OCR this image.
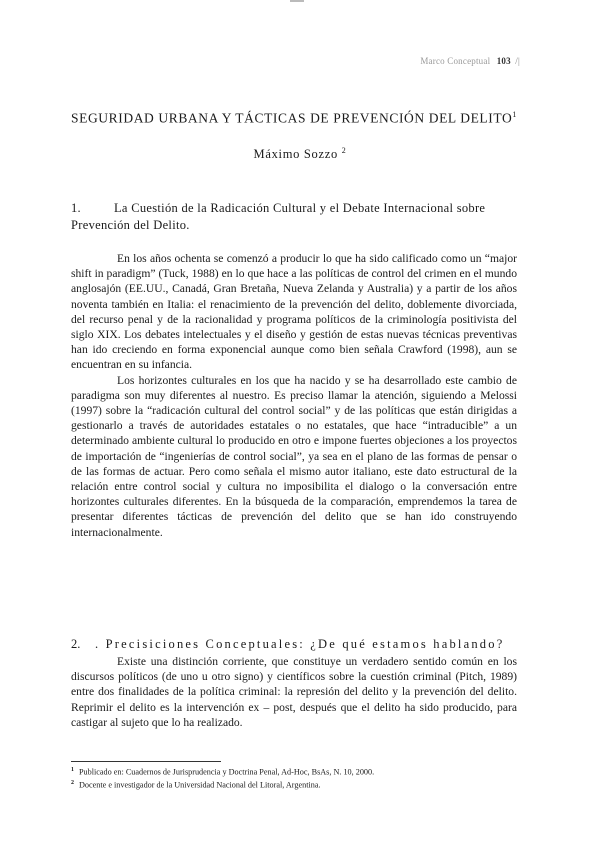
Marco Conceptual 103 /|
SEGURIDAD URBANA Y TÁCTICAS DE PREVENCIÓN DEL DELITO$^1$
Máximo Sozzo $^2$
1.	La Cuestión de la Radicación Cultural y el Debate Internacional sobre Prevención del Delito.

En los años ochenta se comenzó a producir lo que ha sido calificado como un “major shift in paradigm” (Tuck, 1988) en lo que hace a las políticas de control del crimen en el mundo anglosajón (EE.UU., Canadá, Gran Bretaña, Nueva Zelanda y Australia) y a partir de los años noventa también en Italia: el renacimiento de la prevención del delito, doblemente divorciada, del recurso penal y de la racionalidad y programa políticos de la criminología positivista del siglo XIX. Los debates intelectuales y el diseño y gestión de estas nuevas técnicas preventivas han ido creciendo en forma exponencial aunque como bien señala Crawford (1998), aun se encuentran en su infancia.

Los horizontes culturales en los que ha nacido y se ha desarrollado este cambio de paradigma son muy diferentes al nuestro. Es preciso llamar la atención, siguiendo a Melossi (1997) sobre la “radicación cultural del control social” y de las políticas que están dirigidas a gestionarlo a través de autoridades estatales o no estatales, que hace “intraducible” a un determinado ambiente cultural lo producido en otro e impone fuertes objeciones a los proyectos de importación de “ingenierías de control social”, ya sea en el plano de las formas de pensar o de las formas de actuar. Pero como señala el mismo autor italiano, este dato estructural de la relación entre control social y cultura no imposibilita el dialogo o la conversación entre horizontes culturales diferentes. En la búsqueda de la comparación, emprendemos la tarea de presentar diferentes tácticas de prevención del delito que se han ido construyendo internacionalmente.

2. . Precisiciones Conceptuales: ¿De qué estamos hablando?

Existe una distinción corriente, que constituye un verdadero sentido común en los discursos políticos (de uno u otro signo) y científicos sobre la cuestión criminal (Pitch, 1989) entre dos finalidades de la política criminal: la represión del delito y la prevención del delito. Reprimir el delito es la intervención ex – post, después que el delito ha sido producido, para castigar al sujeto que lo ha realizado.

$^1$ Publicado en: Cuadernos de Jurisprudencia y Doctrina Penal, Ad-Hoc, BsAs, N. 10, 2000.
$^2$ Docente e investigador de la Universidad Nacional del Litoral, Argentina.
